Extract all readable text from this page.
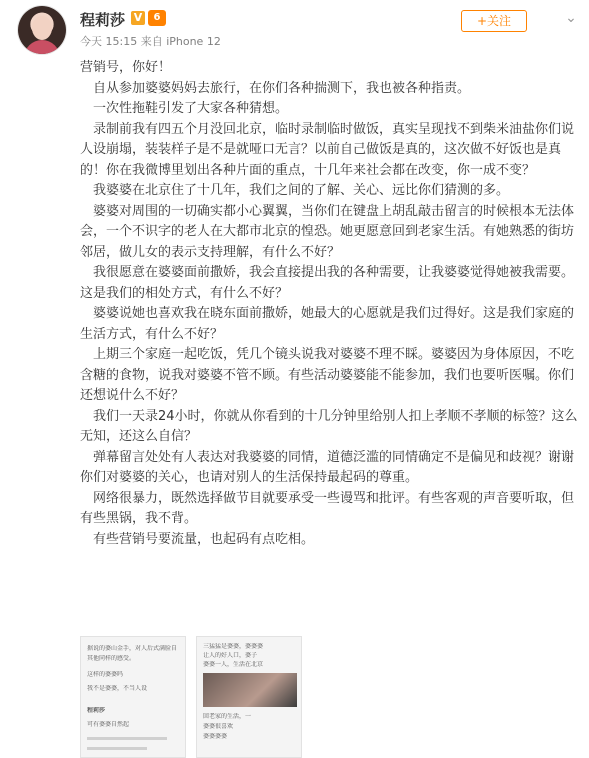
程莉莎 V	6
今天 15:15 来自 iPhone 12
+关注	⌄

营销号，你好！

　自从参加婆婆妈妈去旅行，在你们各种揣测下，我也被各种指责。

　一次性拖鞋引发了大家各种猜想。

　录制前我有四五个月没回北京，临时录制临时做饭，真实呈现找不到柴米油盐你们说人设崩塌，装装样子是不是就哑口无言？以前自己做饭是真的，这次做不好饭也是真的！你在我微博里划出各种片面的重点，十几年来社会都在改变，你一成不变？

　我婆婆在北京住了十几年，我们之间的了解、关心、远比你们猜测的多。

　婆婆对周围的一切确实都小心翼翼，当你们在键盘上胡乱敲击留言的时候根本无法体会，一个不识字的老人在大都市北京的惶恐。她更愿意回到老家生活。有她熟悉的街坊邻居，做儿女的表示支持理解，有什么不好？

　我很愿意在婆婆面前撒娇，我会直接提出我的各种需要，让我婆婆觉得她被我需要。这是我们的相处方式，有什么不好？

　婆婆说她也喜欢我在晓东面前撒娇，她最大的心愿就是我们过得好。这是我们家庭的生活方式，有什么不好？

　上期三个家庭一起吃饭，凭几个镜头说我对婆婆不理不睬。婆婆因为身体原因，不吃含糖的食物，说我对婆婆不管不顾。有些活动婆婆能不能参加，我们也要听医嘱。你们还想说什么不好？

　我们一天录24小时，你就从你看到的十几分钟里给别人扣上孝顺不孝顺的标签？这么无知，还这么自信？

　弹幕留言处处有人表达对我婆婆的同情，道德泛滥的同情确定不是偏见和歧视？谢谢你们对婆婆的关心，也请对别人的生活保持最起码的尊重。

　网络很暴力，既然选择做节目就要承受一些谩骂和批评。有些客观的声音要听取，但有些黑锅，我不背。

　有些营销号要流量，也起码有点吃相。

据说的婆山金手，对人后式满脸自
其他同样的感受。
这样的婆婆吗
我不是婆婆，不当人设
程莉莎
可有婆婆自然起
三猛猛是婆婆，婆婆婆
让人的好人口，婆子
婆婆一人，生活在北京
回老家的生活，一
婆婆很喜欢
婆婆婆婆
